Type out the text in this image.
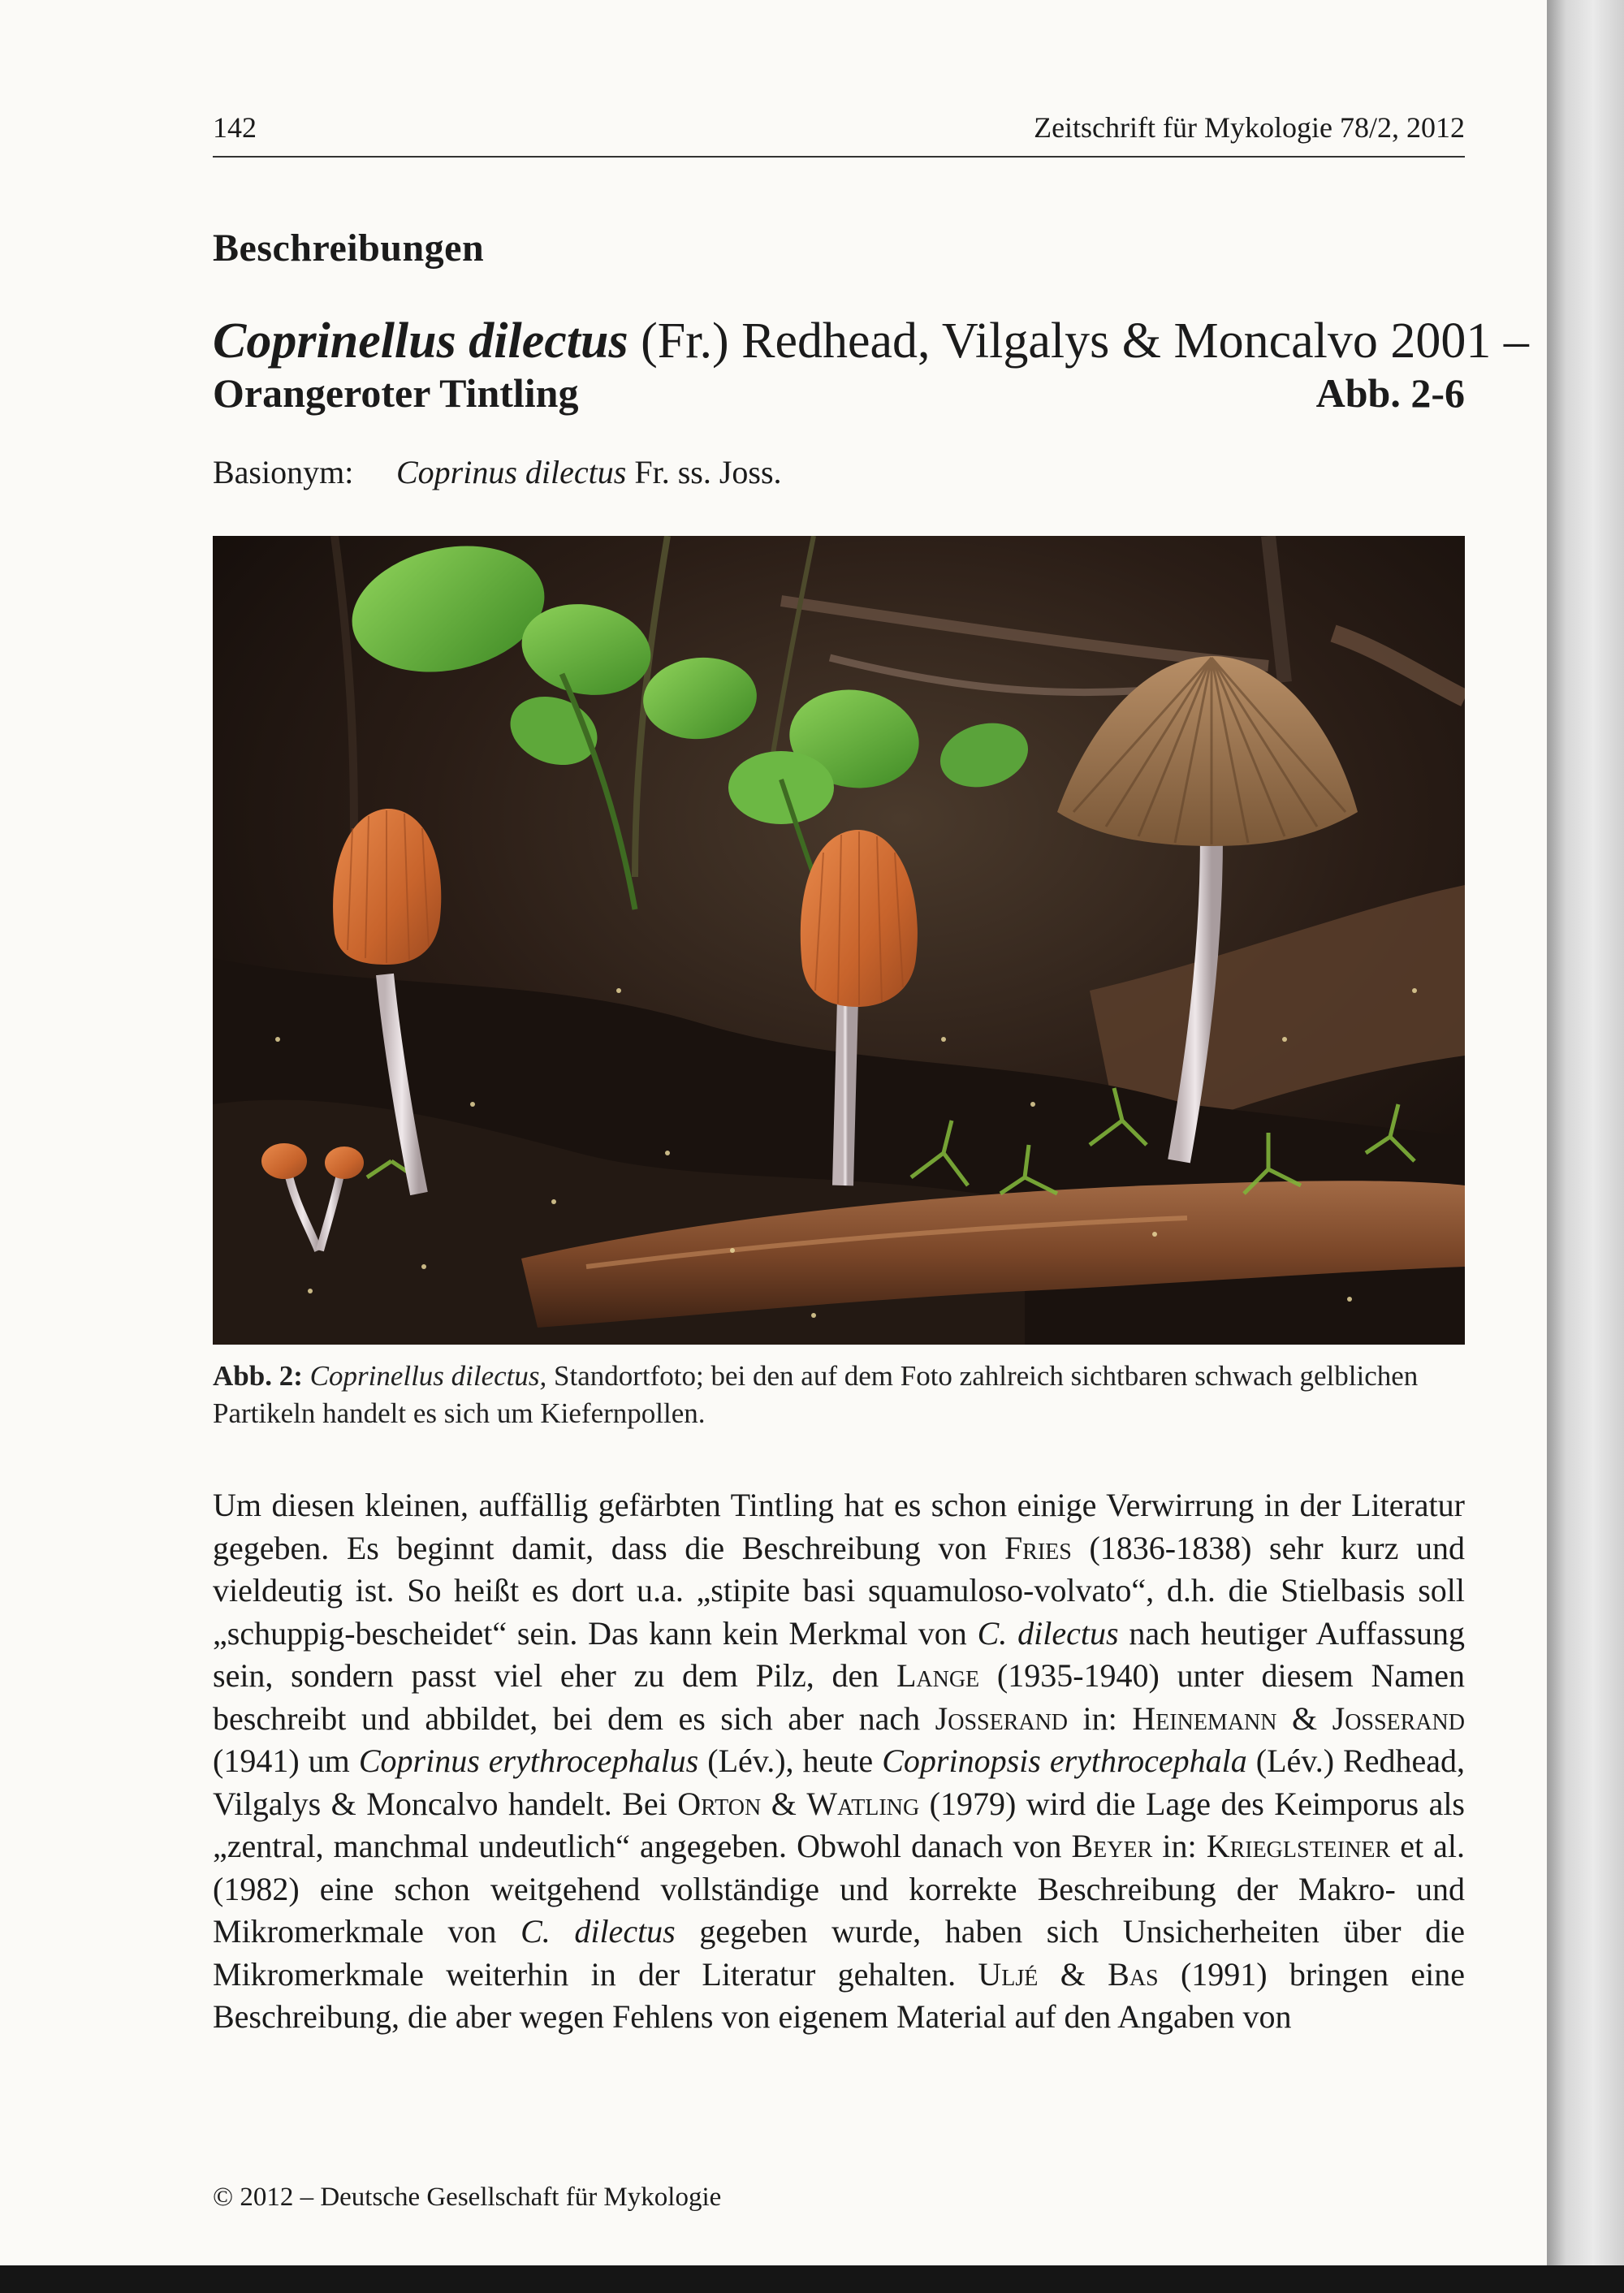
142	Zeitschrift für Mykologie 78/2, 2012
Beschreibungen
Coprinellus dilectus (Fr.) Redhead, Vilgalys & Moncalvo 2001 –
Orangeroter Tintling	Abb. 2-6
Basionym: Coprinus dilectus Fr. ss. Joss.
Abb. 2: Coprinellus dilectus, Standortfoto; bei den auf dem Foto zahlreich sichtbaren schwach gelblichen Partikeln handelt es sich um Kiefernpollen.

Um diesen kleinen, auffällig gefärbten Tintling hat es schon einige Verwirrung in der Literatur gegeben. Es beginnt damit, dass die Beschreibung von Fries (1836-1838) sehr kurz und vieldeutig ist. So heißt es dort u.a. „stipite basi squamuloso-volvato“, d.h. die Stielbasis soll „schuppig-bescheidet“ sein. Das kann kein Merkmal von C. dilectus nach heutiger Auffassung sein, sondern passt viel eher zu dem Pilz, den Lange (1935-1940) unter diesem Namen beschreibt und abbildet, bei dem es sich aber nach Josserand in: Heinemann & Josserand (1941) um Coprinus erythrocephalus (Lév.), heute Coprinopsis erythrocephala (Lév.) Redhead, Vilgalys & Moncalvo handelt. Bei Orton & Watling (1979) wird die Lage des Keimporus als „zentral, manchmal undeutlich“ angegeben. Obwohl danach von Beyer in: Krieglsteiner et al. (1982) eine schon weitgehend vollständige und korrekte Beschreibung der Makro- und Mikromerkmale von C. dilectus gegeben wurde, haben sich Unsicherheiten über die Mikromerkmale weiterhin in der Literatur gehalten. Uljé & Bas (1991) bringen eine Beschreibung, die aber wegen Fehlens von eigenem Material auf den Angaben von

© 2012 – Deutsche Gesellschaft für Mykologie
